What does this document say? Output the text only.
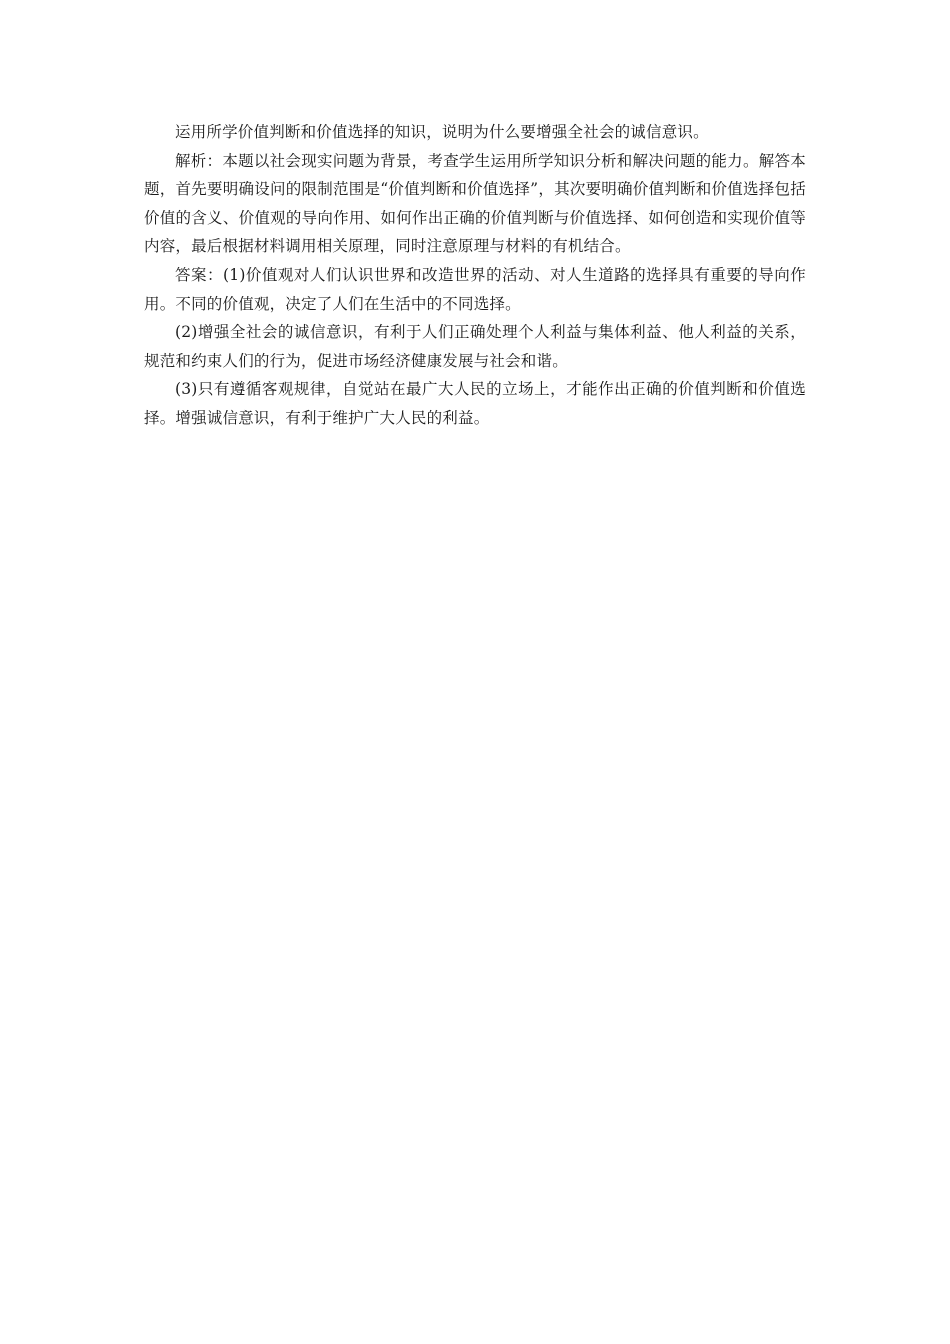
运用所学价值判断和价值选择的知识，说明为什么要增强全社会的诚信意识。

解析：本题以社会现实问题为背景，考查学生运用所学知识分析和解决问题的能力。解答本题，首先要明确设问的限制范围是“价值判断和价值选择”，其次要明确价值判断和价值选择包括价值的含义、价值观的导向作用、如何作出正确的价值判断与价值选择、如何创造和实现价值等内容，最后根据材料调用相关原理，同时注意原理与材料的有机结合。

答案：(1)价值观对人们认识世界和改造世界的活动、对人生道路的选择具有重要的导向作用。不同的价值观，决定了人们在生活中的不同选择。

(2)增强全社会的诚信意识，有利于人们正确处理个人利益与集体利益、他人利益的关系，规范和约束人们的行为，促进市场经济健康发展与社会和谐。

(3)只有遵循客观规律，自觉站在最广大人民的立场上，才能作出正确的价值判断和价值选择。增强诚信意识，有利于维护广大人民的利益。
